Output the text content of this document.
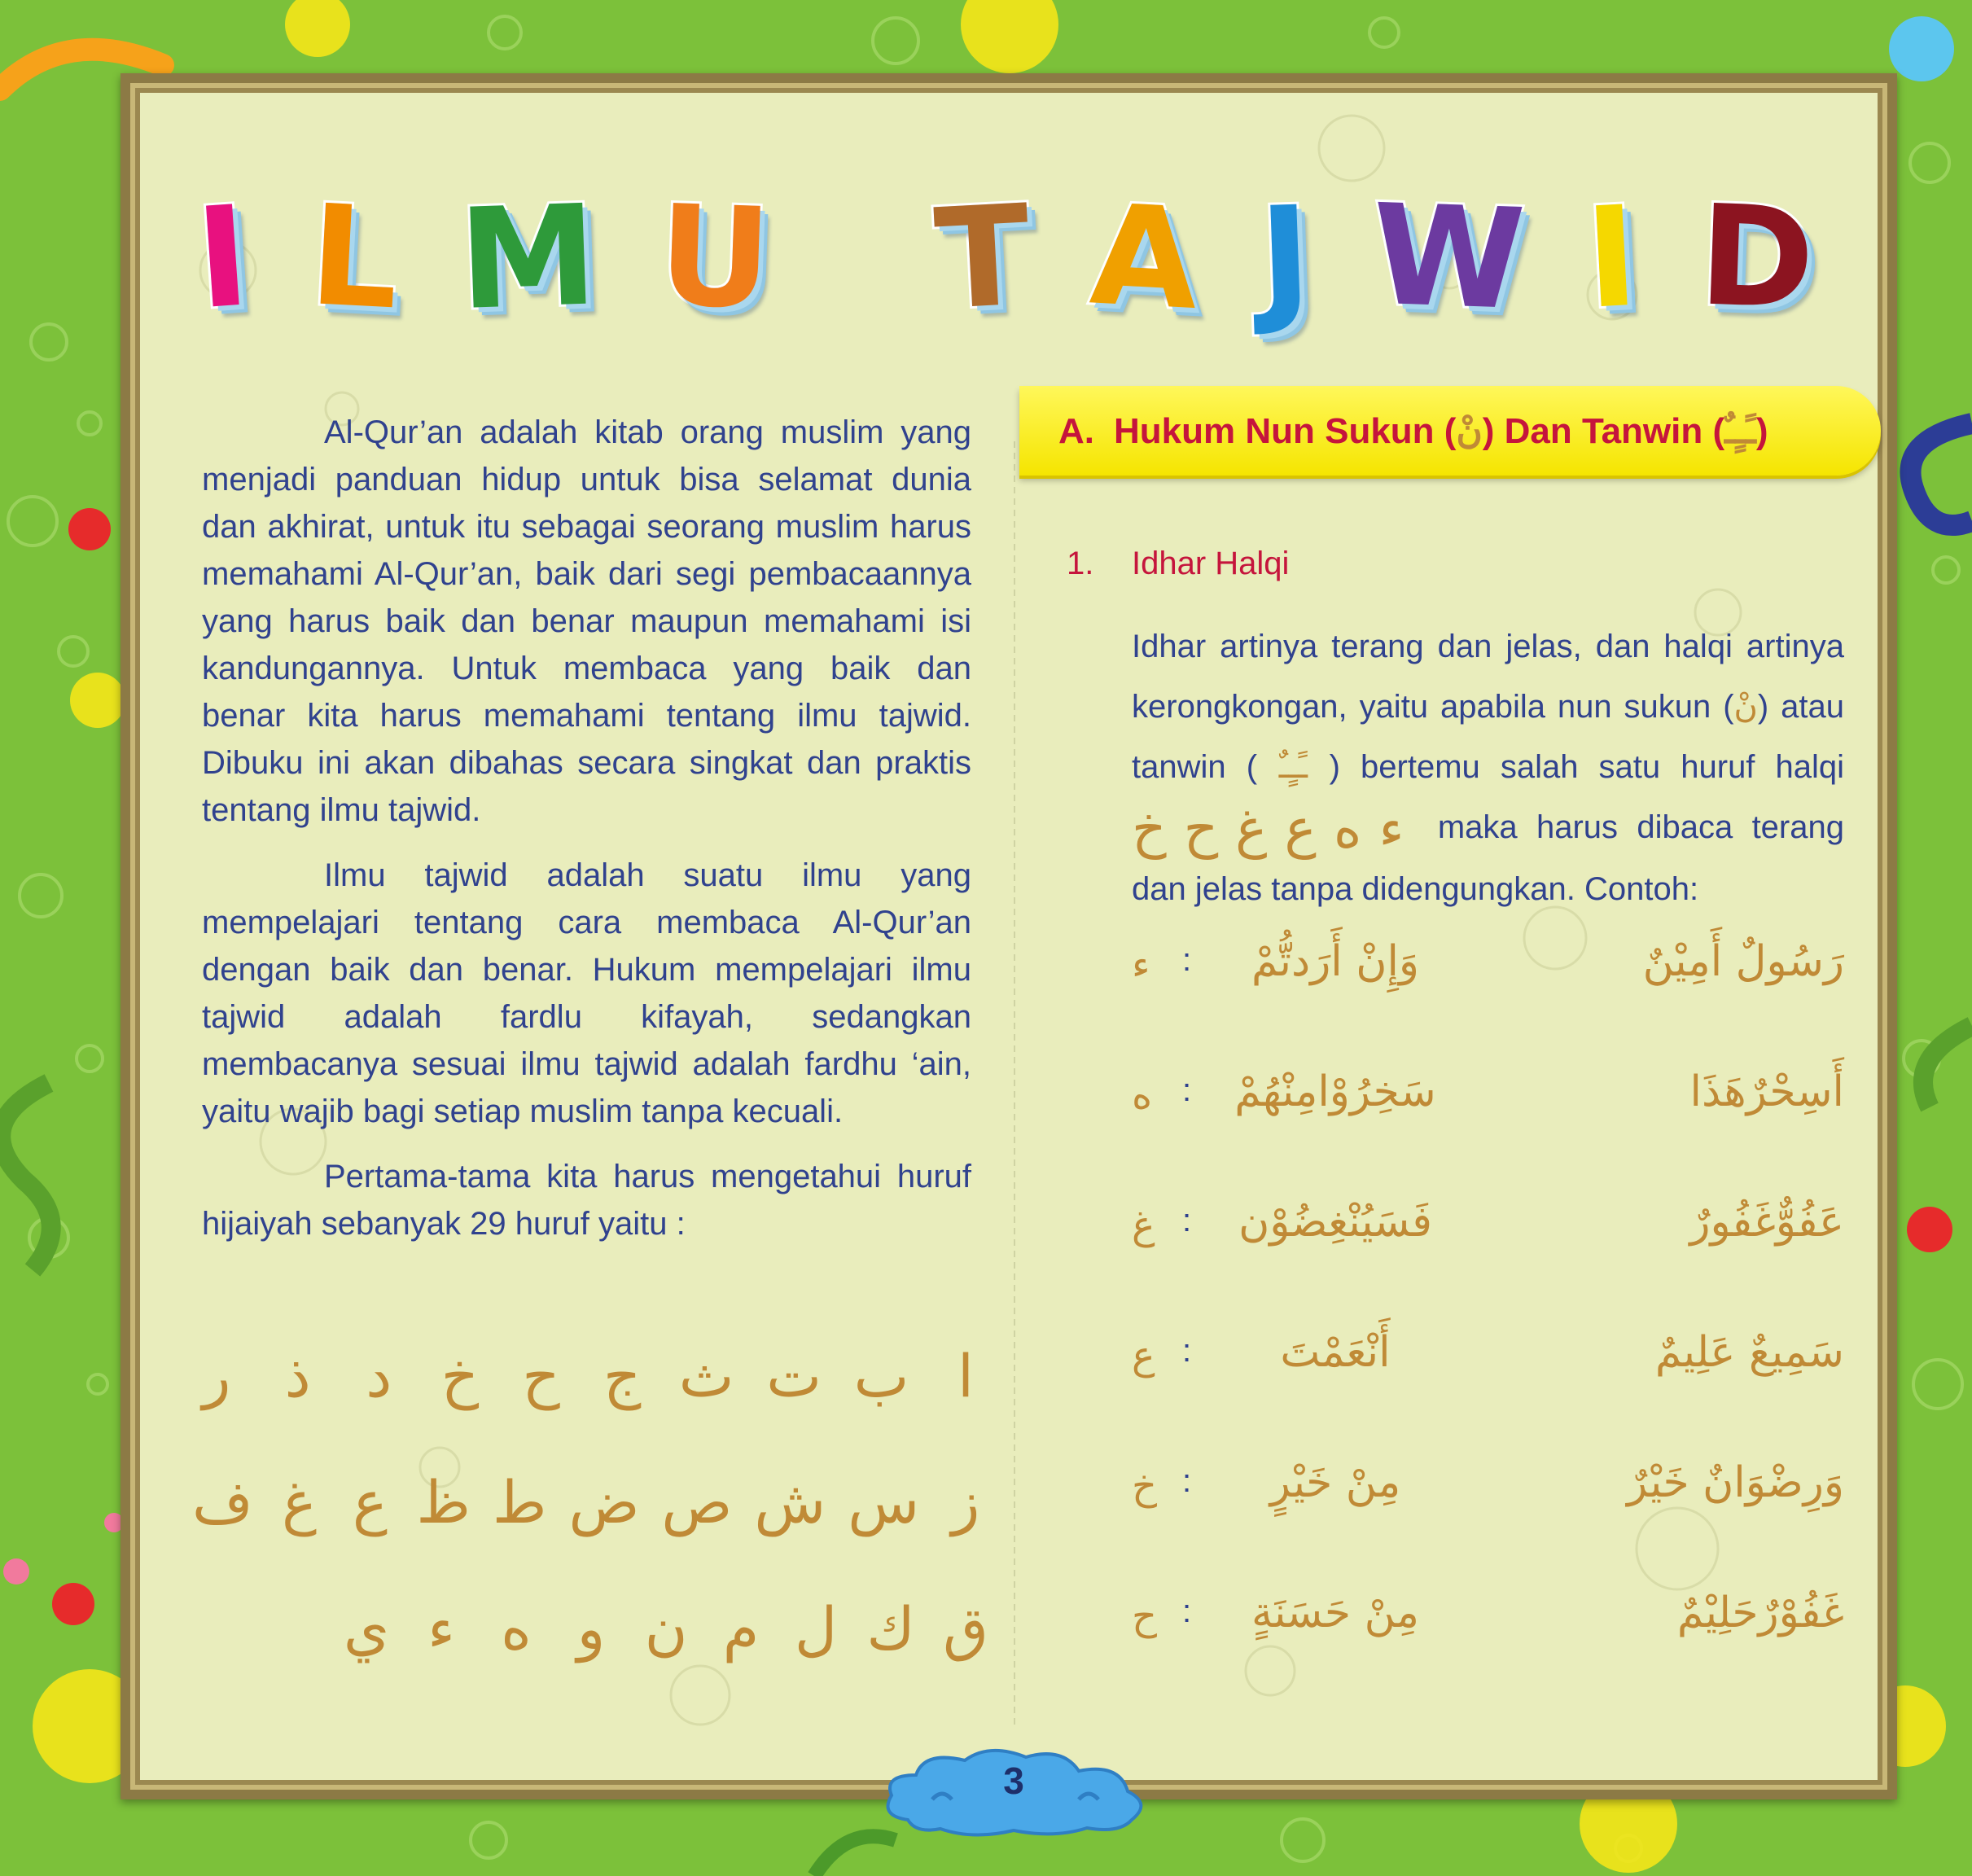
I L M U T A J W I D

Al-Qur’an adalah kitab orang muslim yang menjadi panduan hidup untuk bisa selamat dunia dan akhirat, untuk itu sebagai seorang muslim harus memahami Al-Qur’an, baik dari segi pembacaannya yang harus baik dan benar maupun memahami isi kandungannya. Untuk membaca yang baik dan benar kita harus memahami tentang ilmu tajwid. Dibuku ini akan dibahas secara singkat dan praktis tentang ilmu tajwid.

Ilmu tajwid adalah suatu ilmu yang mempelajari tentang cara membaca Al-Qur’an dengan baik dan benar. Hukum mempelajari ilmu tajwid adalah fardlu kifayah, sedangkan membacanya sesuai ilmu tajwid adalah fardhu ‘ain, yaitu wajib bagi setiap muslim tanpa kecuali.

Pertama-tama kita harus mengetahui huruf hijaiyah sebanyak 29 huruf yaitu :

ا
ب
ت
ث
ج
ح
خ
د
ذ
ر
ز
س
ش
ص
ض
ط
ظ
ع
غ
ف
ق
ك
ل
م
ن
و
ه
ء
ي
A. Hukum Nun Sukun (نْ) Dan Tanwin (ـًـٍـٌ)
1. Idhar Halqi
Idhar artinya terang dan jelas, dan halqi artinya kerongkongan, yaitu apabila nun sukun (نْ) atau tanwin ( ـًـٍـٌ ) bertemu salah satu huruf halqi ء ه ع غ ح خ maka harus dibaca terang dan jelas tanpa didengungkan. Contoh:
ء :	وَإِنْ أَرَدتُّمْ	رَسُولٌ أَمِيْنٌ
ه : سَخِرُوْامِنْهُمْ	أَسِحْرٌهَذَا
غ : فَسَيُنْغِضُوْن	عَفُوٌّغَفُورٌ
ع :	أَنْعَمْتَ	سَمِيعٌ عَلِيمٌ
خ :	مِنْ خَيْرٍ	وَرِضْوَانٌ خَيْرٌ
ح :	مِنْ حَسَنَةٍ	غَفُوْرٌحَلِيْمٌ
3
